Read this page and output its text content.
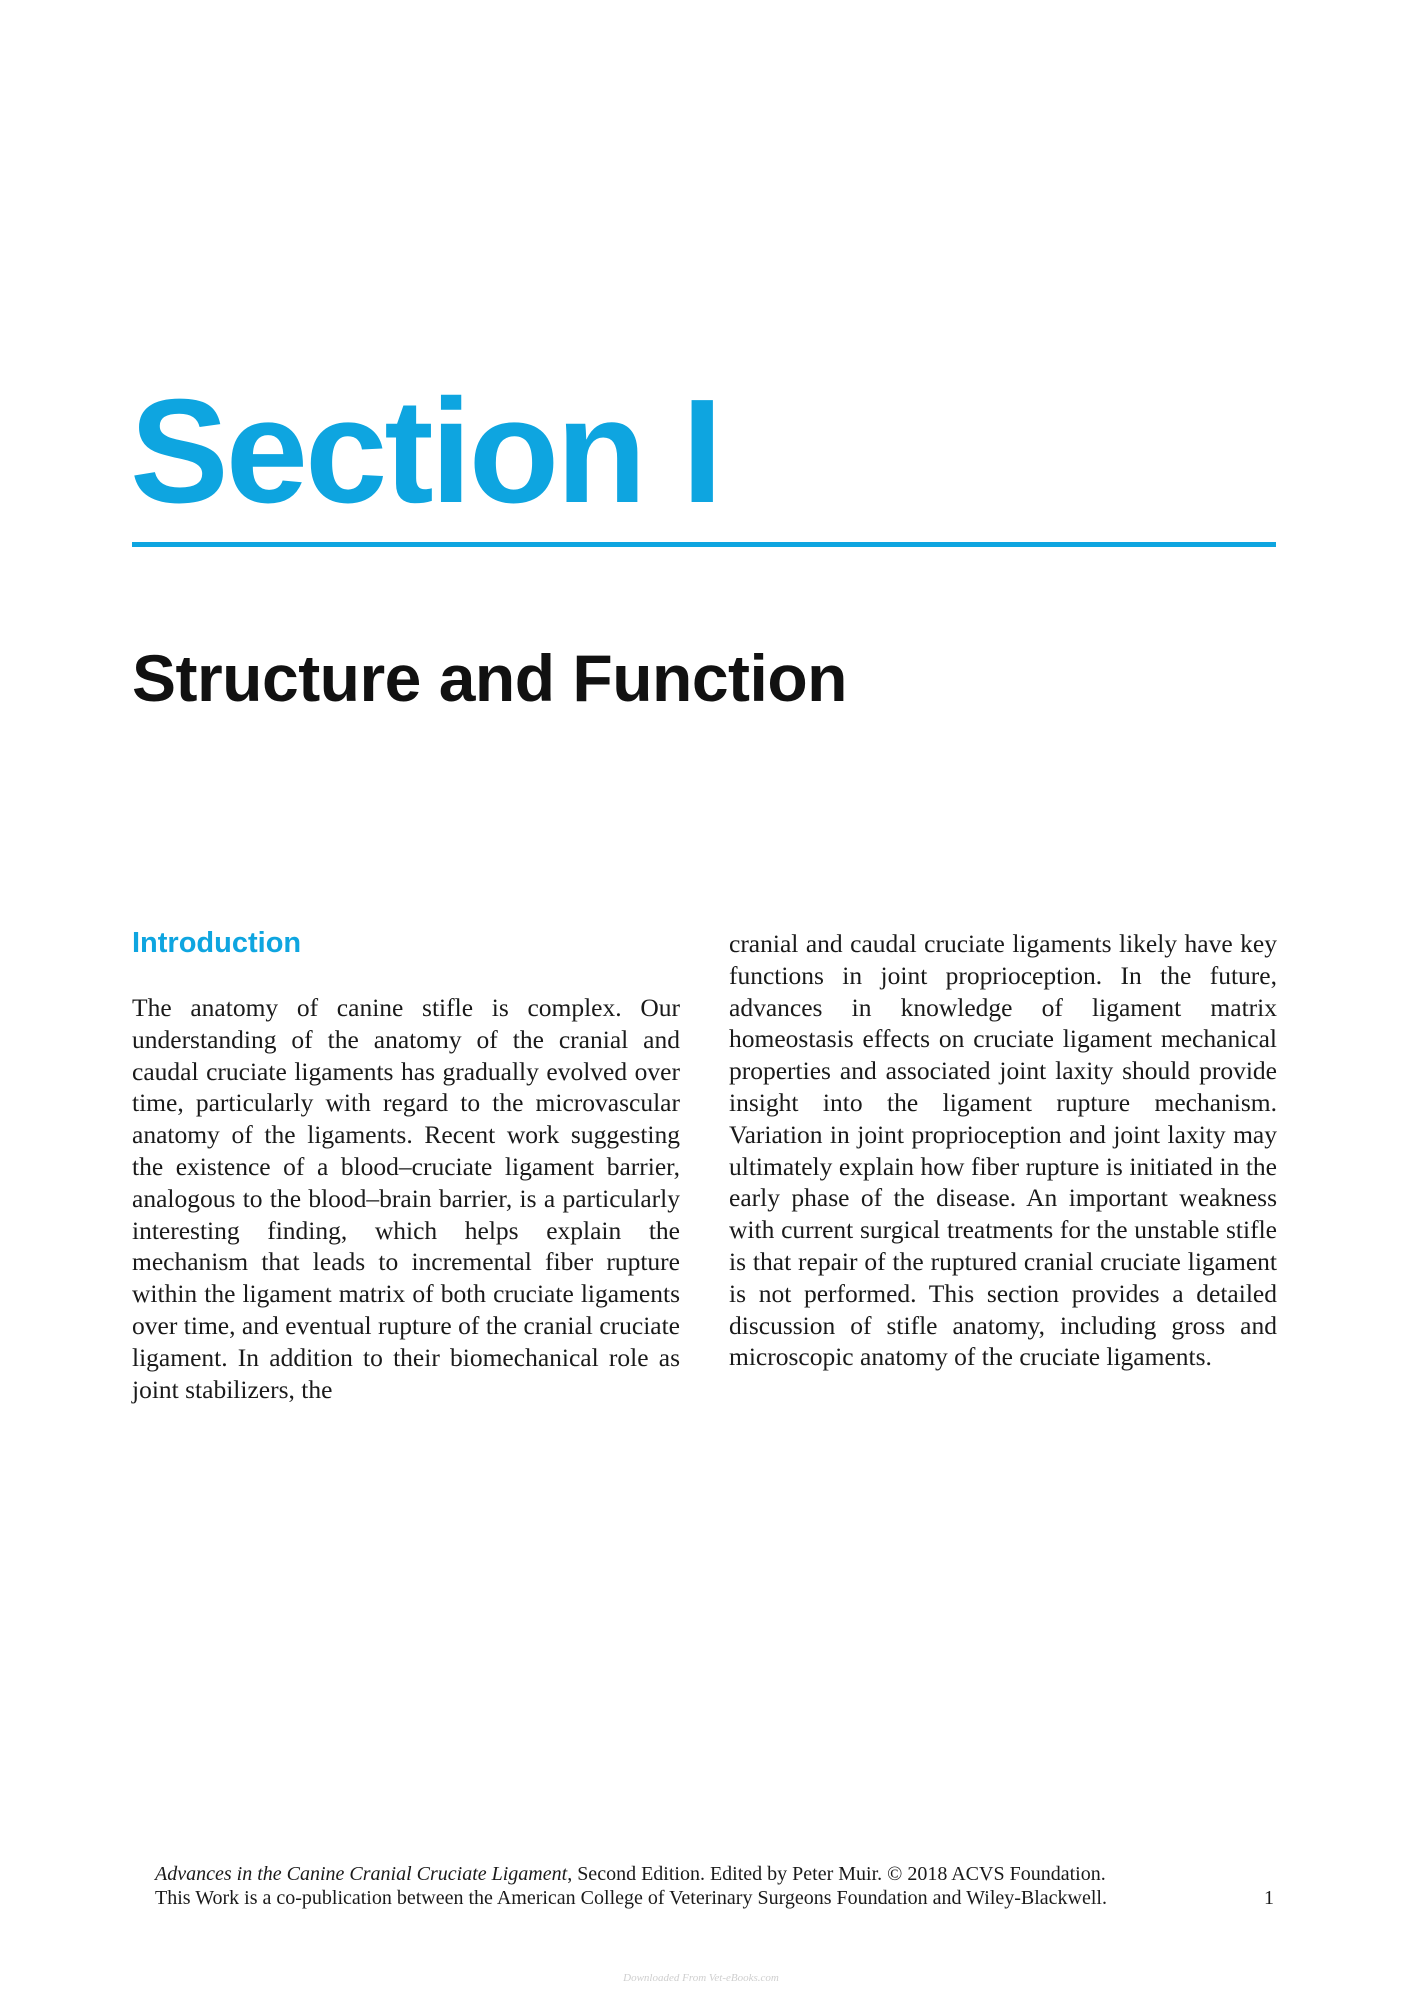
Section I
Structure and Function
Introduction

The anatomy of canine stifle is complex. Our understanding of the anatomy of the cranial and caudal cruciate ligaments has gradually evolved over time, particularly with regard to the microvascular anatomy of the ligaments. Recent work suggesting the existence of a blood–cruciate ligament barrier, analogous to the blood–brain barrier, is a particularly interesting finding, which helps explain the mechanism that leads to incremental fiber rupture within the ligament matrix of both cruciate ligaments over time, and eventual rupture of the cranial cruciate ligament. In addition to their biomechanical role as joint stabilizers, the

cranial and caudal cruciate ligaments likely have key functions in joint proprioception. In the future, advances in knowledge of ligament matrix homeostasis effects on cruciate ligament mechanical properties and associated joint laxity should provide insight into the ligament rupture mechanism. Variation in joint proprioception and joint laxity may ultimately explain how fiber rupture is initiated in the early phase of the disease. An important weakness with current surgical treatments for the unstable stifle is that repair of the ruptured cranial cruciate ligament is not performed. This section provides a detailed discussion of stifle anatomy, including gross and microscopic anatomy of the cruciate ligaments.

Advances in the Canine Cranial Cruciate Ligament, Second Edition. Edited by Peter Muir. © 2018 ACVS Foundation.
This Work is a co-publication between the American College of Veterinary Surgeons Foundation and Wiley-Blackwell.	1
Downloaded From Vet-eBooks.com
